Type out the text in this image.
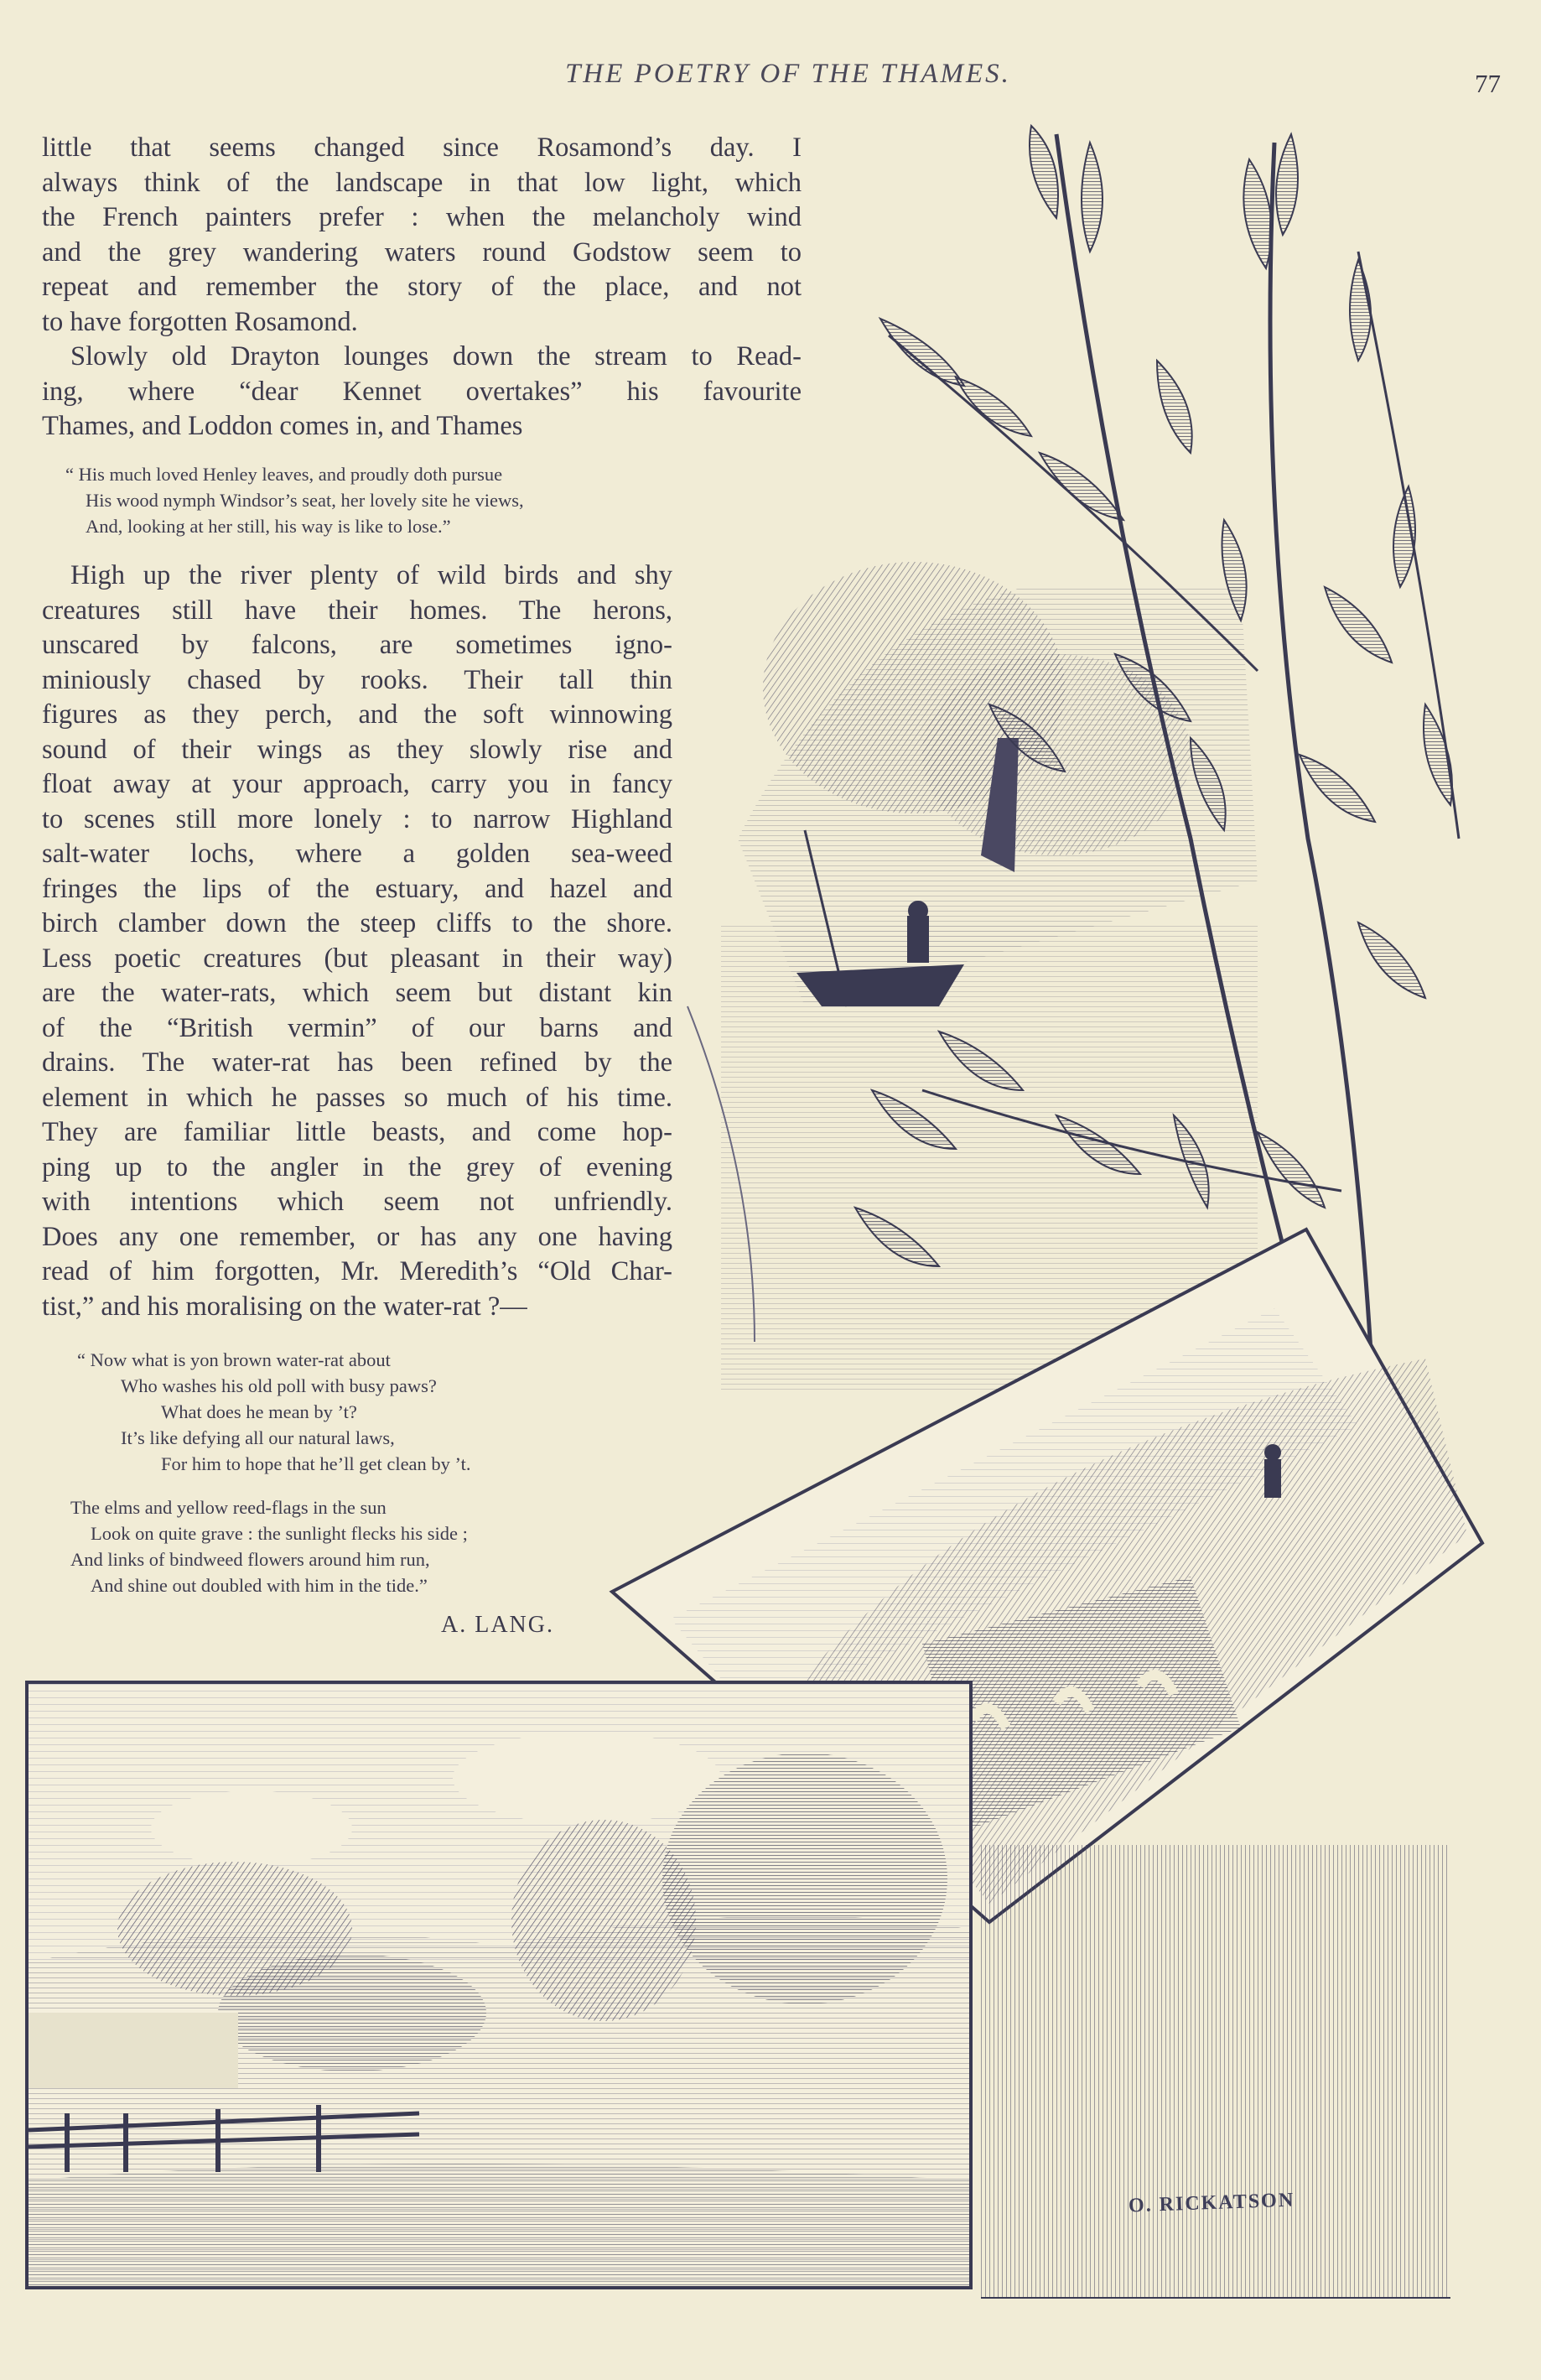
THE POETRY OF THE THAMES.	77
little that seems changed since Rosamond’s day. I
always think of the landscape in that low light, which
the French painters prefer : when the melancholy wind
and the grey wandering waters round Godstow seem to
repeat and remember the story of the place, and not
to have forgotten Rosamond.
Slowly old Drayton lounges down the stream to Read-
ing, where “dear Kennet overtakes” his favourite
Thames, and Loddon comes in, and Thames
“ His much loved Henley leaves, and proudly doth pursue
His wood nymph Windsor’s seat, her lovely site he views,
And, looking at her still, his way is like to lose.”
High up the river plenty of wild birds and shy
creatures still have their homes. The herons,
unscared by falcons, are sometimes igno-
miniously chased by rooks. Their tall thin
figures as they perch, and the soft winnowing
sound of their wings as they slowly rise and
float away at your approach, carry you in fancy
to scenes still more lonely : to narrow Highland
salt-water lochs, where a golden sea-weed
fringes the lips of the estuary, and hazel and
birch clamber down the steep cliffs to the shore.
Less poetic creatures (but pleasant in their way)
are the water-rats, which seem but distant kin
of the “British vermin” of our barns and
drains. The water-rat has been refined by the
element in which he passes so much of his time.
They are familiar little beasts, and come hop-
ping up to the angler in the grey of evening
with intentions which seem not unfriendly.
Does any one remember, or has any one having
read of him forgotten, Mr. Meredith’s “Old Char-
tist,” and his moralising on the water-rat ?—
“ Now what is yon brown water-rat about
Who washes his old poll with busy paws?
What does he mean by ’t?
It’s like defying all our natural laws,
For him to hope that he’ll get clean by ’t.
The elms and yellow reed-flags in the sun
Look on quite grave : the sunlight flecks his side ;
And links of bindweed flowers around him run,
And shine out doubled with him in the tide.”
A. LANG.
O. RICKATSON
